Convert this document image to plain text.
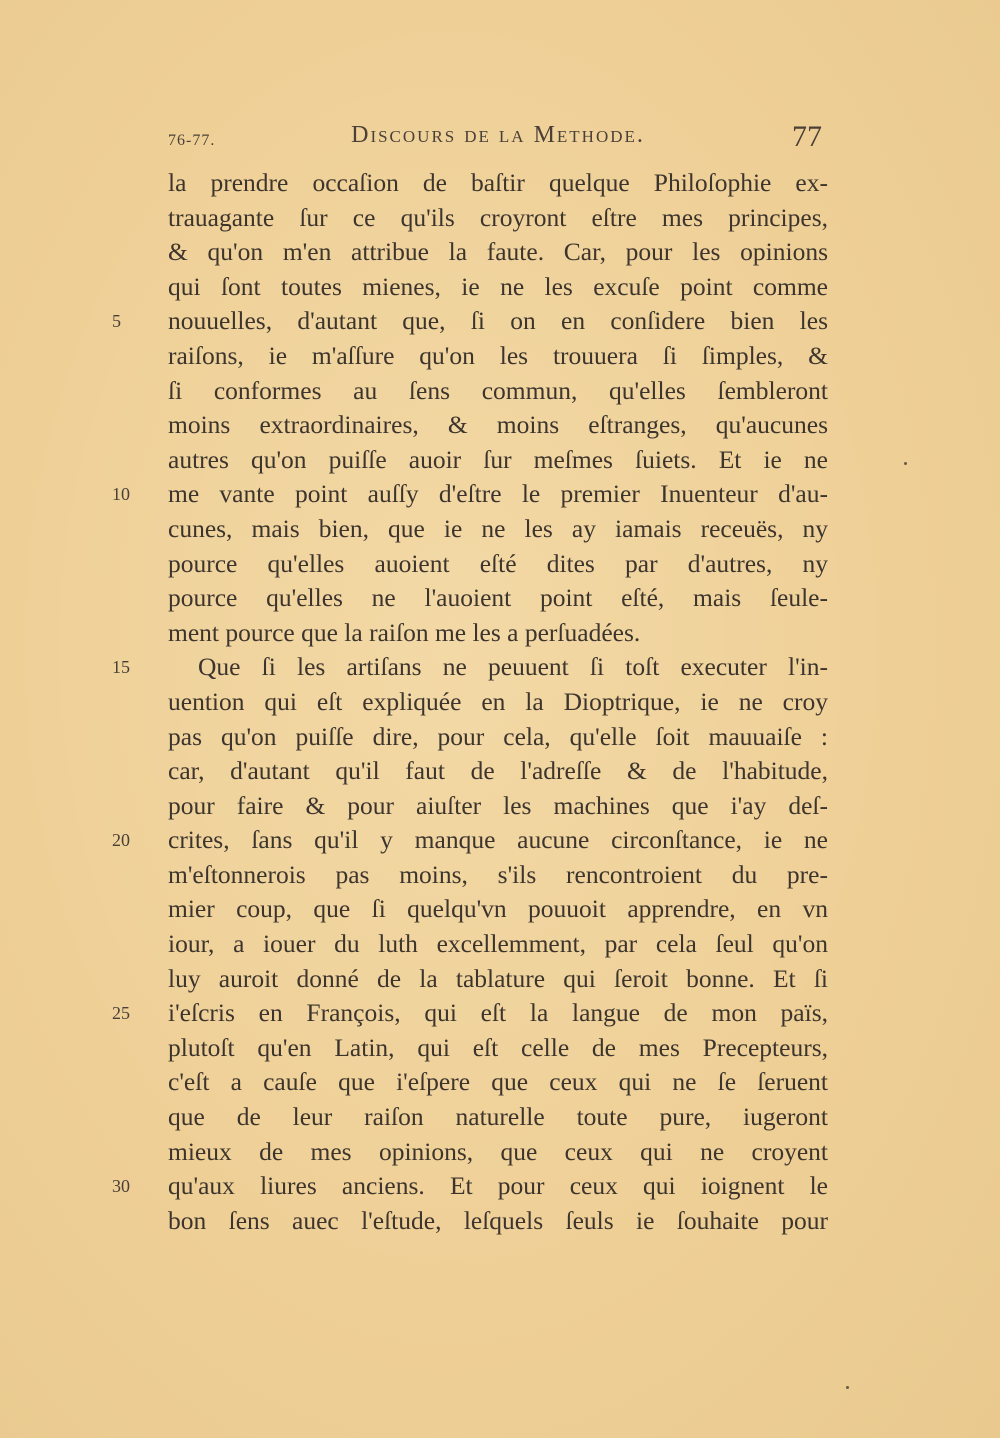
76-77.	Discours de la Methode.	77
la prendre occaſion de baſtir quelque Philoſophie ex-
trauagante ſur ce qu'ils croyront eſtre mes principes,
& qu'on m'en attribue la faute. Car, pour les opinions
qui ſont toutes mienes, ie ne les excuſe point comme
5 nouuelles, d'autant que, ſi on en conſidere bien les
raiſons, ie m'aſſure qu'on les trouuera ſi ſimples, &
ſi conformes au ſens commun, qu'elles ſembleront
moins extraordinaires, & moins eſtranges, qu'aucunes
autres qu'on puiſſe auoir ſur meſmes ſuiets. Et ie ne
10 me vante point auſſy d'eſtre le premier Inuenteur d'au-
cunes, mais bien, que ie ne les ay iamais receuës, ny
pource qu'elles auoient eſté dites par d'autres, ny
pource qu'elles ne l'auoient point eſté, mais ſeule-
ment pource que la raiſon me les a perſuadées.
15	Que ſi les artiſans ne peuuent ſi toſt executer l'in-
uention qui eſt expliquée en la Dioptrique, ie ne croy
pas qu'on puiſſe dire, pour cela, qu'elle ſoit mauuaiſe :
car, d'autant qu'il faut de l'adreſſe & de l'habitude,
pour faire & pour aiuſter les machines que i'ay deſ-
20 crites, ſans qu'il y manque aucune circonſtance, ie ne
m'eſtonnerois pas moins, s'ils rencontroient du pre-
mier coup, que ſi quelqu'vn pouuoit apprendre, en vn
iour, a iouer du luth excellemment, par cela ſeul qu'on
luy auroit donné de la tablature qui ſeroit bonne. Et ſi
25 i'eſcris en François, qui eſt la langue de mon païs,
plutoſt qu'en Latin, qui eſt celle de mes Precepteurs,
c'eſt a cauſe que i'eſpere que ceux qui ne ſe ſeruent
que de leur raiſon naturelle toute pure, iugeront
mieux de mes opinions, que ceux qui ne croyent
30 qu'aux liures anciens. Et pour ceux qui ioignent le
bon ſens auec l'eſtude, leſquels ſeuls ie ſouhaite pour
